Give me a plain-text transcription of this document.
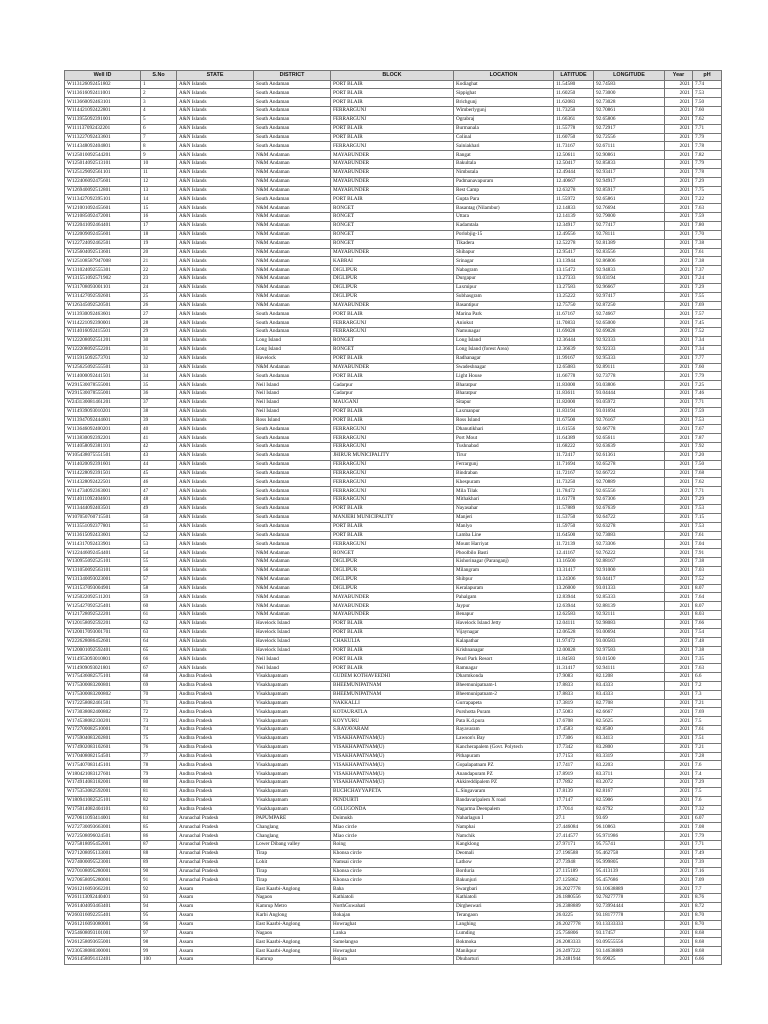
Well ID	S.No	STATE	DISTRICT	BLOCK	LOCATION	LATITUDE	LONGITUDE	Year	pH
W113126092451802	1	A&N Islands	South Andaman	PORT BLAIR	Kodiaghat	11.54580	92.74583	2021	7.74
W113616092411001	2	A&N Islands	South Andaman	PORT BLAIR	Sippighat	11.60250	92.73000	2021	7.53
W113660092463101	3	A&N Islands	South Andaman	PORT BLAIR	Brichgunj	11.62083	92.73028	2021	7.50
W114421092422801	4	A&N Islands	South Andaman	FERRARGUNJ	Wimberlygunj	11.73250	92.70861	2021	7.60
W113955092391001	5	A&N Islands	South Andaman	FERRARGUNJ	Ograbraj	11.66361	92.65806	2021	7.62
W111137092432201	6	A&N Islands	South Andaman	PORT BLAIR	Burmanala	11.55778	92.72917	2021	7.71
W113227092433601	7	A&N Islands	South Andaman	PORT BLAIR	Colinal	11.60750	92.72556	2021	7.79
W114348092404801	8	A&N Islands	South Andaman	FERRARGUNJ	Sainiakhari	11.73167	92.67111	2021	7.78
W125010092544201	9	A&N Islands	N&M Andaman	MAYABUNDER	Rangat	12.50611	92.90861	2021	7.82
W125014092513101	10	A&N Islands	N&M Andaman	MAYABUNDER	Bakultala	12.50417	92.85833	2021	7.79
W125129092561101	11	A&N Islands	N&M Andaman	MAYABUNDER	Nimbutala	12.49444	92.93417	2021	7.78
W122406092475601	12	A&N Islands	N&M Andaman	MAYABUNDER	Padmanavapuram	12.40667	92.94917	2021	7.29
W126940092512801	13	A&N Islands	N&M Andaman	MAYABUNDER	Rest Camp	12.63278	92.85917	2021	7.75
W113427092395101	14	A&N Islands	South Andaman	PORT BLAIR	Gupta Para	11.55972	92.65861	2021	7.22
W121001092455601	15	A&N Islands	N&M Andaman	RONGET	Basantag (Nilambur)	12.14833	92.76694	2021	7.63
W121085092472001	16	A&N Islands	N&M Andaman	RONGET	Uttara	12.14139	92.79000	2021	7.59
W122041092464401	17	A&N Islands	N&M Andaman	RONGET	Kadamtala	12.34917	92.77417	2021	7.80
W122009092455601	18	A&N Islands	N&M Andaman	RONGET	Porlobjig-15	12.49556	92.78111	2021	7.70
W122724092462501	19	A&N Islands	N&M Andaman	RONGET	Tikadera	12.52278	92.81389	2021	7.38
W125604092513601	20	A&N Islands	N&M Andaman	MAYABUNDER	Shibapur	12.95417	92.83556	2021	7.61
W125108587947008	21	A&N Islands	N&M Andaman	KABRAI	Srinagar	13.13944	92.86806	2021	7.38
W131024092555301	22	A&N Islands	N&M Andaman	DIGLIPUR	Nabagram	13.15472	92.94833	2021	7.37
W131551092571902	23	A&N Islands	N&M Andaman	DIGLIPUR	Durgapur	13.27333	93.03194	2021	7.24
W131708093001101	24	A&N Islands	N&M Andaman	DIGLIPUR	Laxmipur	13.27583	92.96667	2021	7.29
W131427092592601	25	A&N Islands	N&M Andaman	DIGLIPUR	Subhasgram	13.25222	92.97417	2021	7.55
W126345092520501	26	A&N Islands	N&M Andaman	MAYABUNDER	Basantipur	12.75750	92.87250	2021	7.69
W113930092463601	27	A&N Islands	South Andaman	PORT BLAIR	Marina Park	11.67167	92.74667	2021	7.57
W114221092390001	28	A&N Islands	South Andaman	FERRARGUNJ	Aniokut	11.70833	92.65000	2021	7.45
W114016092415501	29	A&N Islands	South Andaman	FERRARGUNJ	Namunagar	11.69028	92.69028	2021	7.52
W122208092551201	30	A&N Islands	Long Island	RONGET	Long Island	12.36444	92.92333	2021	7.34
W122208092552201	31	A&N Islands	Long Island	RONGET	Long Island (forest Area)	12.36639	92.92333	2021	7.34
W115915092573701	32	A&N Islands	Havelock	PORT BLAIR	Radhanagar	11.99167	92.95333	2021	7.77
W125625092555501	33	A&N Islands	N&M Andaman	MAYABUNDER	Swadeshnagar	12.65083	92.89111	2021	7.60
W114000092441501	34	A&N Islands	South Andaman	PORT BLAIR	Light House	11.66778	92.73778	2021	7.79
W291530078555001	35	A&N Islands	Neil Island	Gadarpur	Bharatpur	11.83000	93.03806	2021	7.25
W291530078555001	36	A&N Islands	Neil Island	Gadarpur	Bharatpur	11.83611	93.04444	2021	7.46
W243130081461201	37	A&N Islands	Neil Island	MAUGANJ	Sitapur	11.82000	93.05972	2021	7.71
W114939093010201	38	A&N Islands	Neil Island	PORT BLAIR	Laxmanpur	11.83194	93.01694	2021	7.59
W113947092444601	39	A&N Islands	Ross Island	PORT BLAIR	Ross Island	11.67500	92.76167	2021	7.53
W113646092400201	40	A&N Islands	South Andaman	FERRARGUNJ	Dhanutikhari	11.61556	92.66778	2021	7.67
W113830092392201	41	A&N Islands	South Andaman	FERRARGUNJ	Port Mout	11.64389	92.65611	2021	7.87
W114058092381101	42	A&N Islands	South Andaman	FERRARGUNJ	Tushnabad	11.68222	92.63639	2021	7.92
W105438075551501	43	A&N Islands	South Andaman	JHIRUR MUNICIPALITY	Tirur	11.72417	92.61361	2021	7.20
W114020092391601	44	A&N Islands	South Andaman	FERRARGUNJ	Ferrargunj	11.71694	92.65278	2021	7.50
W114228092391501	45	A&N Islands	South Andaman	FERRARGUNJ	Bindraban	11.72167	92.66722	2021	7.68
W114328092422501	46	A&N Islands	South Andaman	FERRARGUNJ	Khespuram	11.73250	92.70889	2021	7.62
W114734092363001	47	A&N Islands	South Andaman	FERRARGUNJ	Mila Tilak	11.78472	92.65556	2021	7.71
W114011092404601	48	A&N Islands	South Andaman	FERRARGUNJ	Mithakhari	11.61778	92.67306	2021	7.29
W113444092403501	49	A&N Islands	South Andaman	PORT BLAIR	Nayasahar	11.57889	92.67639	2021	7.53
W107050760715501	50	A&N Islands	South Andaman	MANJERI MUNICIPALITY	Manjeri	11.53750	92.64722	2021	7.15
W113551092377801	51	A&N Islands	South Andaman	PORT BLAIR	Manlyo	11.59750	92.63278	2021	7.53
W113615092433601	52	A&N Islands	South Andaman	PORT BLAIR	Lamba Line	11.64500	92.73083	2021	7.61
W114317092433901	53	A&N Islands	South Andaman	FERRARGUNJ	Mount Harriyat	11.72139	92.73306	2021	7.04
W122446092454401	54	A&N Islands	N&M Andaman	RONGET	Phoolbilo Basti	12.41167	92.76222	2021	7.91
W130955092525101	55	A&N Islands	N&M Andaman	DIGLIPUR	Kishorinagar (Paranganj)	13.16500	92.88167	2021	7.38
W131050092563101	56	A&N Islands	N&M Andaman	DIGLIPUR	Milangram	13.31417	92.91000	2021	7.03
W131340093023001	57	A&N Islands	N&M Andaman	DIGLIPUR	Shibpur	13.24306	93.04417	2021	7.52
W131537093004901	58	A&N Islands	N&M Andaman	DIGLIPUR	Keralapuram	13.26000	93.01333	2021	8.07
W125022092511201	59	A&N Islands	N&M Andaman	MAYABUNDER	Pahalgam	12.83944	92.85333	2021	7.64
W125427092525401	60	A&N Islands	N&M Andaman	MAYABUNDER	Jaypur	12.63944	92.88139	2021	8.07
W121728092522201	61	A&N Islands	N&M Andaman	MAYABUNDER	Benapur	12.62583	92.92111	2021	8.03
W120158092592201	62	A&N Islands	Havelock Island	PORT BLAIR	Havelock Island Jetty	12.04111	92.98083	2021	7.66
W120017093001701	63	A&N Islands	Havelock Island	PORT BLAIR	Vijaynagar	12.06528	93.00694	2021	7.54
W222628086452601	64	A&N Islands	Havelock Island	CHAKULIA	Kalapathar	11.97472	93.00583	2021	7.48
W120001092592401	65	A&N Islands	Havelock Island	PORT BLAIR	Krishnanagar	12.00028	92.97583	2021	7.38
W114953093010801	66	A&N Islands	Neil Island	PORT BLAIR	Pearl Park Resort	11.84583	93.01500	2021	7.35
W114909093021801	67	A&N Islands	Neil Island	PORT BLAIR	Ramnagar	11.31417	92.94111	2021	7.63
W175436082575101	68	Andhra Pradesh	Visakhapatnam	GUDEM KOTHAVEEDHI	Dharmkonda	17.9083	82.1208	2021	6.6
W175300083200801	69	Andhra Pradesh	Visakhapatnam	BHEEMUNIPATNAM	Bheemunipatnam-1	17.8833	83.4333	2021	7.2
W175300083200802	70	Andhra Pradesh	Visakhapatnam	BHEEMUNIPATNAM	Bheemunipatnam-2	17.8833	83.4333	2021	7.3
W172258082461501	71	Andhra Pradesh	Visakhapatnam	NAKKALLI	Gurrapapeta	17.3819	82.7708	2021	7.21
W173038082400802	72	Andhra Pradesh	Visakhapatnam	KOTAURATLA	Purshotta Puram	17.5083	82.6667	2021	7.69
W174538082330201	73	Andhra Pradesh	Visakhapatnam	KOYYURU	Pata K.d.pura	17.6708	82.5625	2021	7.5
W172700082510001	74	Andhra Pradesh	Visakhapatnam	S.RAYAVARAM	Rayavaram	17.4583	82.8500	2021	7.61
W175904083202801	75	Andhra Pradesh	Visakhapatnam	VISAKHAPATNAM(U)	Lawson's Bay	17.7306	83.3413	2021	7.51
W174902083102601	76	Andhra Pradesh	Visakhapatnam	VISAKHAPATNAM(U)	Kancherapalem (Govt. Polytech	17.7342	83.2800	2021	7.21
W170408082154501	77	Andhra Pradesh	Visakhapatnam	VISAKHAPATNAM(U)	Pithapuram	17.7153	83.3319	2021	7.28
W175407083145101	78	Andhra Pradesh	Visakhapatnam	VISAKHAPATNAM(U)	Gopalapatnam PZ	17.7417	83.2203	2021	7.6
W180421083127601	79	Andhra Pradesh	Visakhapatnam	VISAKHAPATNAM(U)	Anandapuram PZ	17.8919	83.3711	2021	7.4
W174914083182001	80	Andhra Pradesh	Visakhapatnam	VISAKHAPATNAM(U)	Akkireddipalem PZ	17.7892	83.2072	2021	7.29
W175353082592001	81	Andhra Pradesh	Visakhapatnam	BUCHCHAYYAPETA	L.Singavaram	17.8139	82.8167	2021	7.5
W180941082525101	82	Andhra Pradesh	Visakhapatnam	PENDURTI	Bandavaripalem X road	17.7147	82.5906	2021	7.6
W175014082404101	83	Andhra Pradesh	Visakhapatnam	GOLUGONDA	Nagarma Deenpalem	17.7014	82.6792	2021	7.32
W270611093414001	84	Arunachal Pradesh	PAPUMPARE	Doimukh	Naharlagun I	27.1	93.69	2021	6.07
W272730093663001	85	Arunachal Pradesh	Changlang	Miao circle	Namphai	27.446084	96.10863	2021	7.08
W272508096024501	86	Arunachal Pradesh	Changlang	Miao circle	Namchik	27.414577	95.971986	2021	7.79
W275818095452001	87	Arunachal Pradesh	Lower Dibang valley	Roing	Kangklong	27.97171	95.75741	2021	7.71
W271208095133001	88	Arunachal Pradesh	Tirap	Khonsa circle	Deomali	27.196588	95.462758	2021	7.49
W274000095523001	89	Arunachal Pradesh	Lohit	Namsai circle	Lathow	27.73948	95.999805	2021	7.39
W270108095280001	90	Arunachal Pradesh	Tirap	Khonsa circle	Borduria	27.115189	95.413139	2021	7.16
W270658095280001	91	Arunachal Pradesh	Tirap	Khonsa circle	Bakunjuri	27.125862	95.457686	2021	7.09
W261216093662201	92	Assam	East Kaarbi-Anglong	Baha	Swargbari	26.2027778	93.10638889	2021	7.7
W261113092440401	93	Assam	Nagaon	Kathiatoli	Kathiatoli	26.1880556	92.78277778	2021	8.76
W261404093463401	94	Assam	Kamrup Metro	NorthGuwahati	Dirgheswari	26.2388889	92.73994444	2021	8.72
W260316092255401	95	Assam	Karbi Anglong	Bokajan	Terangaon	26.0225	93.18177778	2021	8.70
W261216093080001	96	Assam	East Kaarbi-Anglong	Howraghat	Langhing	26.2027778	93.13333333	2021	8.70
W254608093101001	97	Assam	Nagaon	Lanka	Lumding	25.756806	93.17457	2021	8.68
W261258093655001	98	Assam	East Kaarbi-Anglong	Samelangso	Bokmoka	26.2083333	93.09555556	2021	8.68
W230538080300001	99	Assam	East Kaarbi-Anglong	Howraghat	Manikpur	26.2497222	93.14638889	2021	8.68
W261458091412401	100	Assam	Kamrup	Bojara	Dhubarturi	26.2481944	91.69025	2021	6.66
